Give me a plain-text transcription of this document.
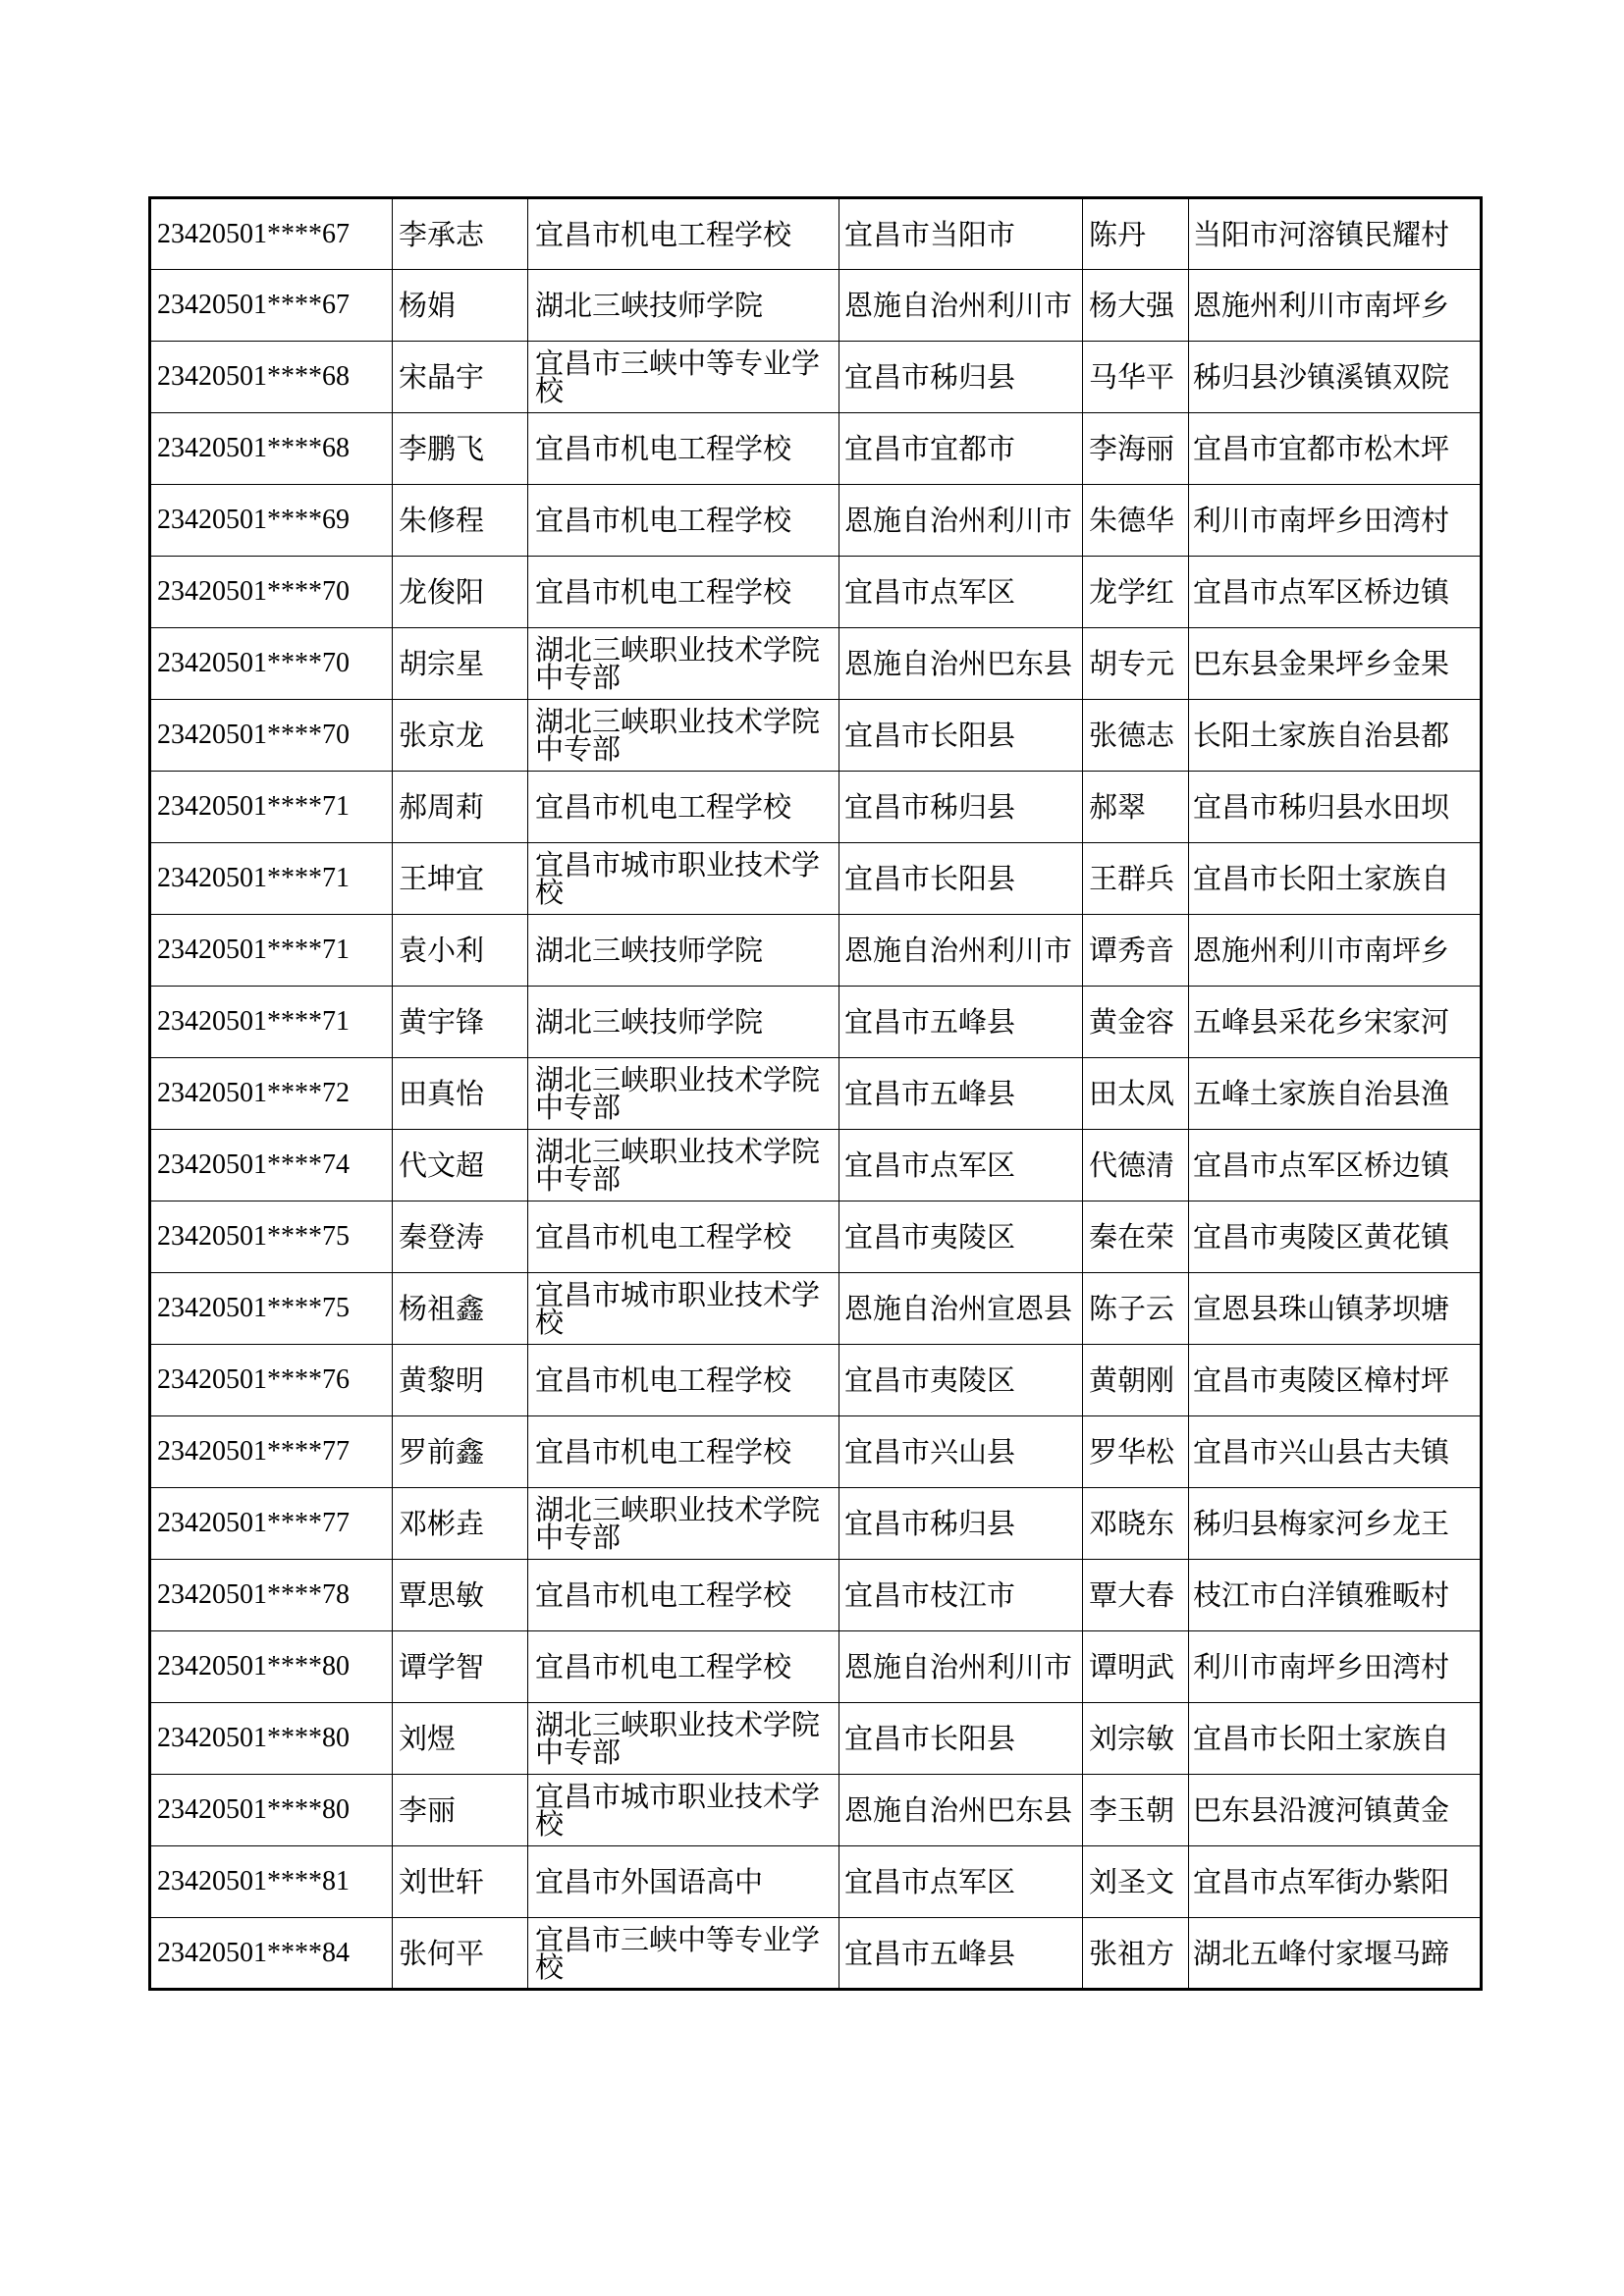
23420501****67	李承志	宜昌市机电工程学校	宜昌市当阳市	陈丹	当阳市河溶镇民耀村
23420501****67	杨娟	湖北三峡技师学院	恩施自治州利川市	杨大强	恩施州利川市南坪乡
23420501****68	宋晶宇	宜昌市三峡中等专业学校	宜昌市秭归县	马华平	秭归县沙镇溪镇双院
23420501****68	李鹏飞	宜昌市机电工程学校	宜昌市宜都市	李海丽	宜昌市宜都市松木坪
23420501****69	朱修程	宜昌市机电工程学校	恩施自治州利川市	朱德华	利川市南坪乡田湾村
23420501****70	龙俊阳	宜昌市机电工程学校	宜昌市点军区	龙学红	宜昌市点军区桥边镇
23420501****70	胡宗星	湖北三峡职业技术学院中专部	恩施自治州巴东县	胡专元	巴东县金果坪乡金果
23420501****70	张京龙	湖北三峡职业技术学院中专部	宜昌市长阳县	张德志	长阳土家族自治县都
23420501****71	郝周莉	宜昌市机电工程学校	宜昌市秭归县	郝翠	宜昌市秭归县水田坝
23420501****71	王坤宜	宜昌市城市职业技术学校	宜昌市长阳县	王群兵	宜昌市长阳土家族自
23420501****71	袁小利	湖北三峡技师学院	恩施自治州利川市	谭秀音	恩施州利川市南坪乡
23420501****71	黄宇锋	湖北三峡技师学院	宜昌市五峰县	黄金容	五峰县采花乡宋家河
23420501****72	田真怡	湖北三峡职业技术学院中专部	宜昌市五峰县	田太凤	五峰土家族自治县渔
23420501****74	代文超	湖北三峡职业技术学院中专部	宜昌市点军区	代德清	宜昌市点军区桥边镇
23420501****75	秦登涛	宜昌市机电工程学校	宜昌市夷陵区	秦在荣	宜昌市夷陵区黄花镇
23420501****75	杨祖鑫	宜昌市城市职业技术学校	恩施自治州宣恩县	陈子云	宣恩县珠山镇茅坝塘
23420501****76	黄黎明	宜昌市机电工程学校	宜昌市夷陵区	黄朝刚	宜昌市夷陵区樟村坪
23420501****77	罗前鑫	宜昌市机电工程学校	宜昌市兴山县	罗华松	宜昌市兴山县古夫镇
23420501****77	邓彬垚	湖北三峡职业技术学院中专部	宜昌市秭归县	邓晓东	秭归县梅家河乡龙王
23420501****78	覃思敏	宜昌市机电工程学校	宜昌市枝江市	覃大春	枝江市白洋镇雅畈村
23420501****80	谭学智	宜昌市机电工程学校	恩施自治州利川市	谭明武	利川市南坪乡田湾村
23420501****80	刘煜	湖北三峡职业技术学院中专部	宜昌市长阳县	刘宗敏	宜昌市长阳土家族自
23420501****80	李丽	宜昌市城市职业技术学校	恩施自治州巴东县	李玉朝	巴东县沿渡河镇黄金
23420501****81	刘世轩	宜昌市外国语高中	宜昌市点军区	刘圣文	宜昌市点军街办紫阳
23420501****84	张何平	宜昌市三峡中等专业学校	宜昌市五峰县	张祖方	湖北五峰付家堰马蹄
